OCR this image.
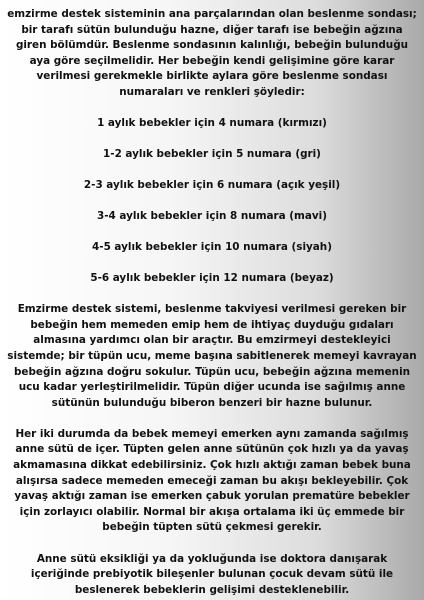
emzirme destek sisteminin ana parçalarından olan beslenme sondası; bir tarafı sütün bulunduğu hazne, diğer tarafı ise bebeğin ağzına giren bölümdür. Beslenme sondasının kalınlığı, bebeğin bulunduğu aya göre seçilmelidir. Her bebeğin kendi gelişimine göre karar verilmesi gerekmekle birlikte aylara göre beslenme sondası numaraları ve renkleri şöyledir:

1 aylık bebekler için 4 numara (kırmızı)
1-2 aylık bebekler için 5 numara (gri)
2-3 aylık bebekler için 6 numara (açık yeşil)
3-4 aylık bebekler için 8 numara (mavi)
4-5 aylık bebekler için 10 numara (siyah)
5-6 aylık bebekler için 12 numara (beyaz)

Emzirme destek sistemi, beslenme takviyesi verilmesi gereken bir bebeğin hem memeden emip hem de ihtiyaç duyduğu gıdaları almasına yardımcı olan bir araçtır. Bu emzirmeyi destekleyici sistemde; bir tüpün ucu, meme başına sabitlenerek memeyi kavrayan bebeğin ağzına doğru sokulur. Tüpün ucu, bebeğin ağzına memenin ucu kadar yerleştirilmelidir. Tüpün diğer ucunda ise sağılmış anne sütünün bulunduğu biberon benzeri bir hazne bulunur.

Her iki durumda da bebek memeyi emerken aynı zamanda sağılmış anne sütü de içer. Tüpten gelen anne sütünün çok hızlı ya da yavaş akmamasına dikkat edebilirsiniz. Çok hızlı aktığı zaman bebek buna alışırsa sadece memeden emeceği zaman bu akışı bekleyebilir. Çok yavaş aktığı zaman ise emerken çabuk yorulan prematüre bebekler için zorlayıcı olabilir. Normal bir akışa ortalama iki üç emmede bir bebeğin tüpten sütü çekmesi gerekir.

Anne sütü eksikliği ya da yokluğunda ise doktora danışarak içeriğinde prebiyotik bileşenler bulunan çocuk devam sütü ile beslenerek bebeklerin gelişimi desteklenebilir.
